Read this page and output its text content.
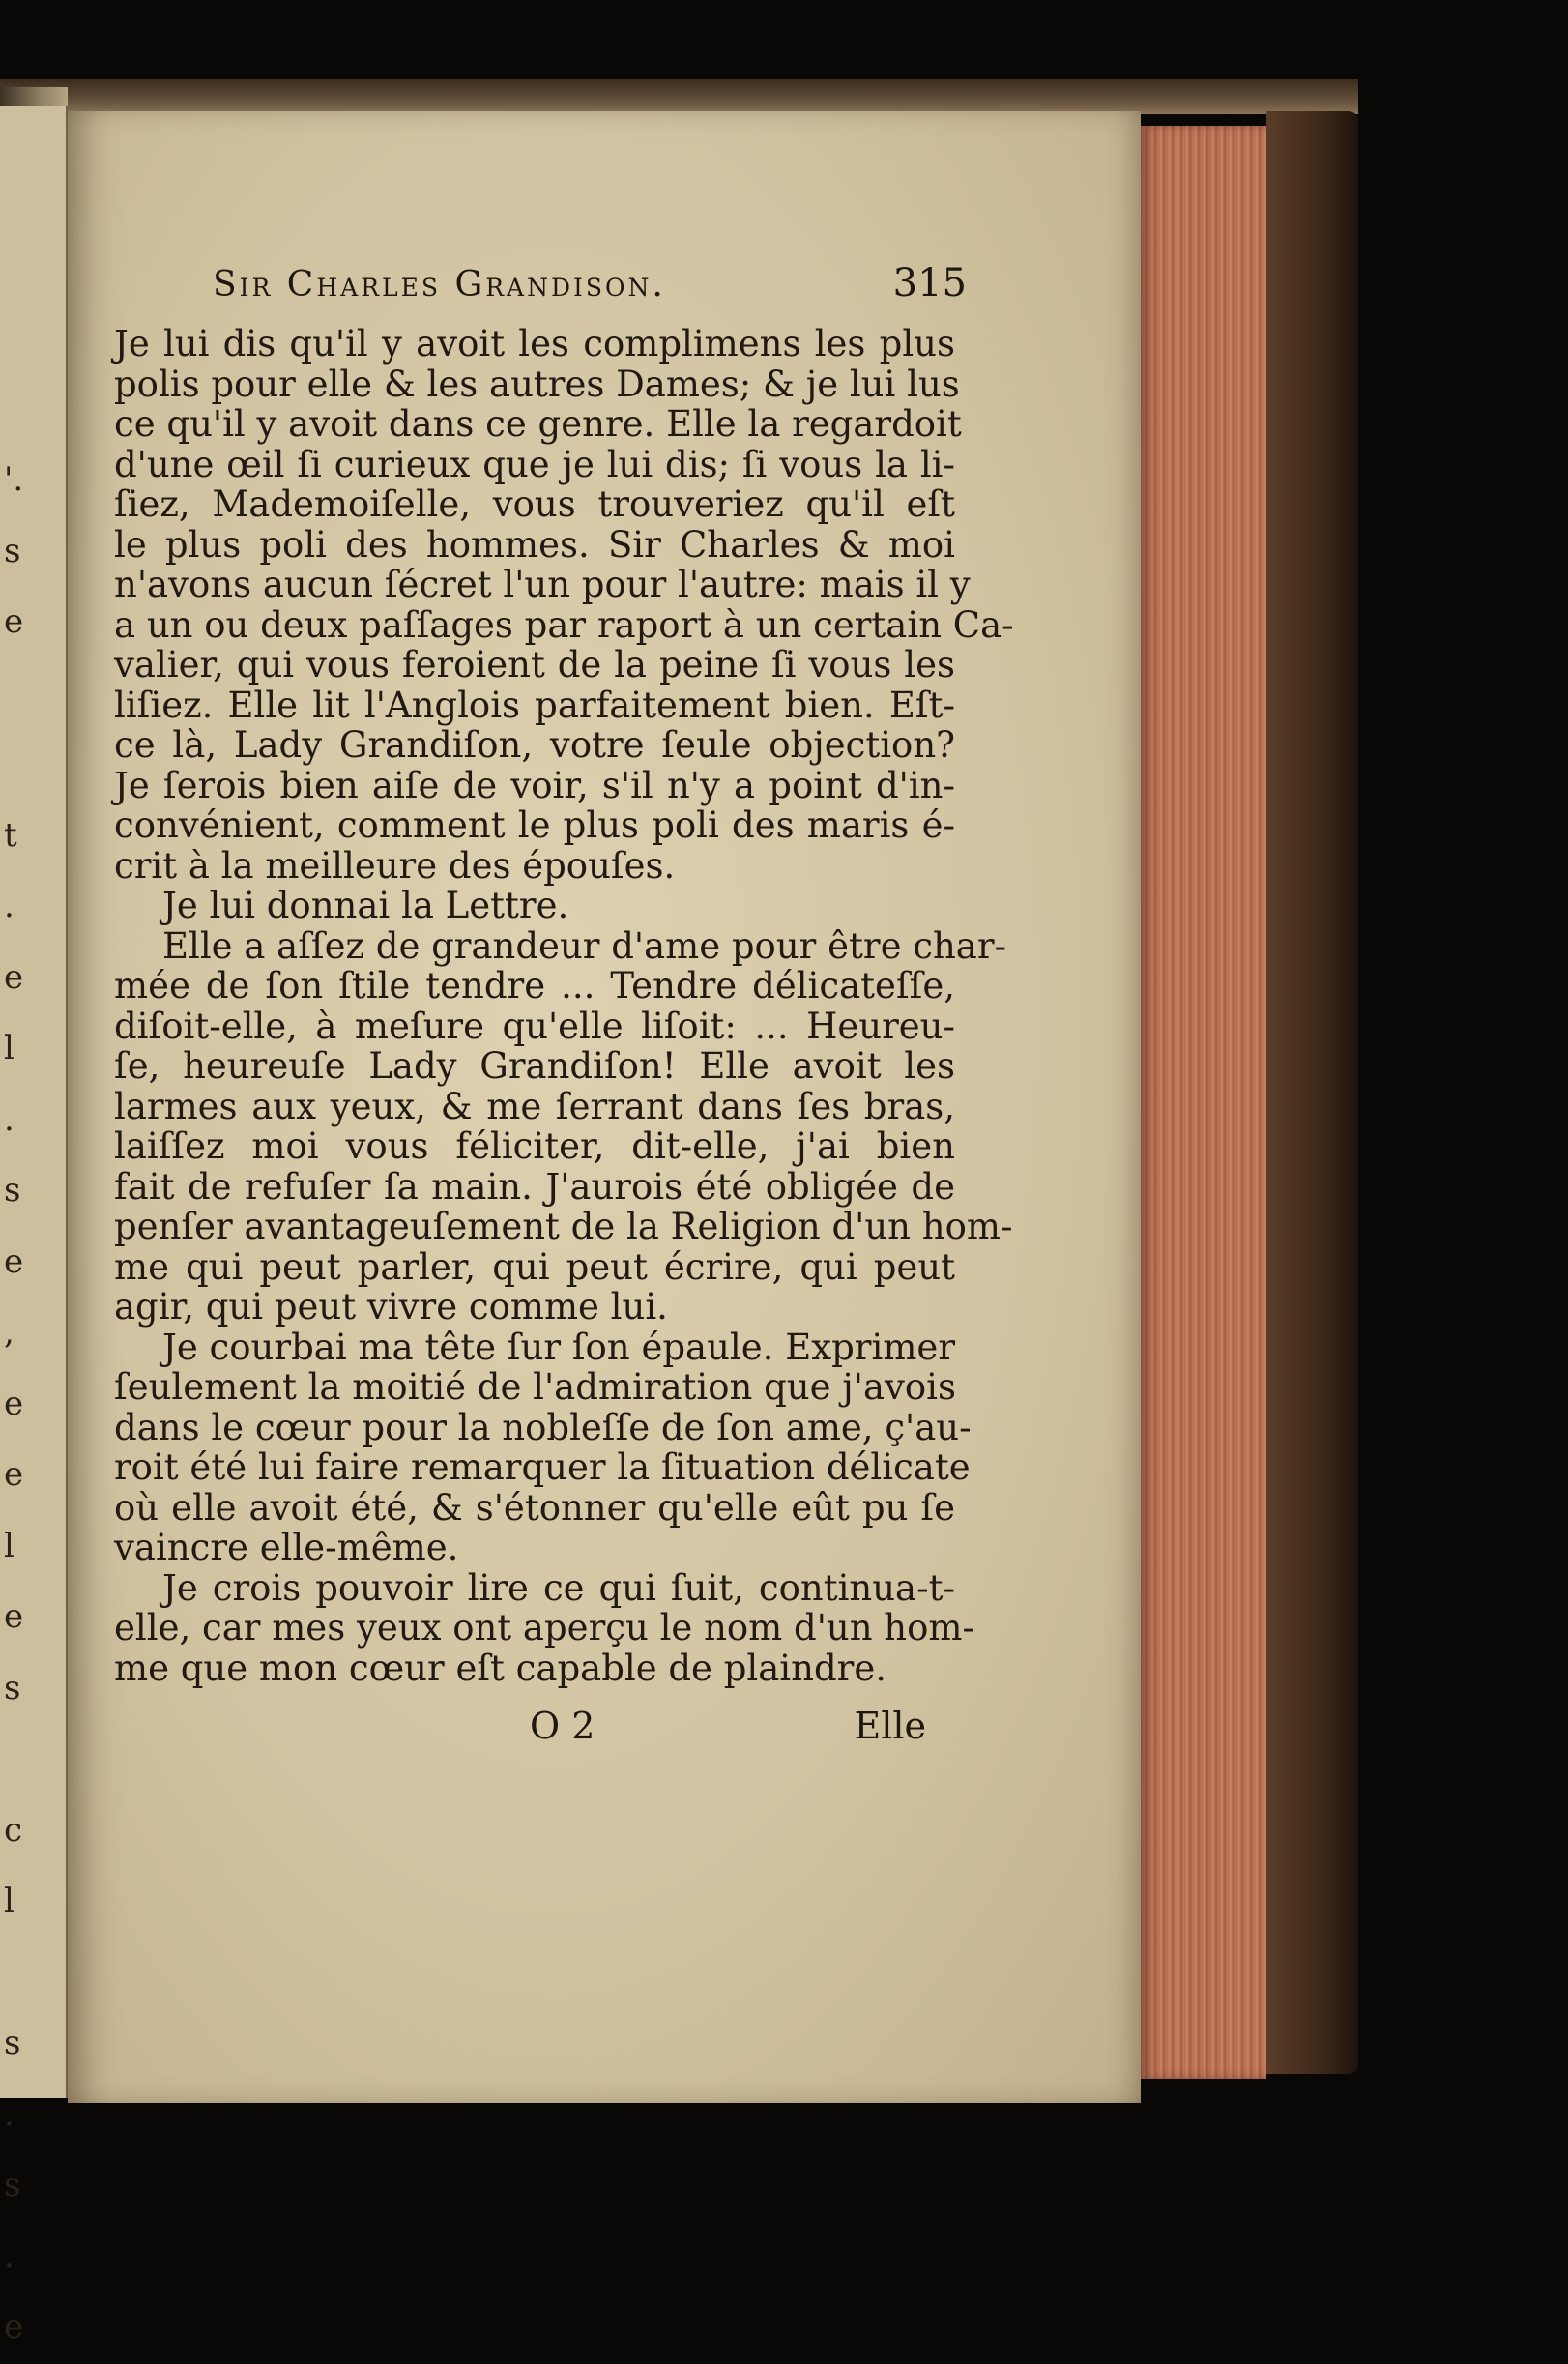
'.
s
e
t
.
e
l
.
s
e
,
e
e
l
e
s
c
l
s
.
s
.
e
Sir Charles Grandison.	315
Je lui dis qu'il y avoit les complimens les plus
polis pour elle & les autres Dames; & je lui lus
ce qu'il y avoit dans ce genre. Elle la regardoit
d'une œil ſi curieux que je lui dis; ſi vous la li-
ſiez, Mademoiſelle, vous trouveriez qu'il eſt
le plus poli des hommes. Sir Charles & moi
n'avons aucun ſécret l'un pour l'autre: mais il y
a un ou deux paſſages par raport à un certain Ca-
valier, qui vous feroient de la peine ſi vous les
liſiez. Elle lit l'Anglois parfaitement bien. Eſt-
ce là, Lady Grandiſon, votre ſeule objection?
Je ſerois bien aiſe de voir, s'il n'y a point d'in-
convénient, comment le plus poli des maris é-
crit à la meilleure des épouſes.
Je lui donnai la Lettre.
Elle a aſſez de grandeur d'ame pour être char-
mée de ſon ſtile tendre ... Tendre délicateſſe,
diſoit-elle, à meſure qu'elle liſoit: ... Heureu-
ſe, heureuſe Lady Grandiſon! Elle avoit les
larmes aux yeux, & me ſerrant dans ſes bras,
laiſſez moi vous féliciter, dit-elle, j'ai bien
fait de refuſer ſa main. J'aurois été obligée de
penſer avantageuſement de la Religion d'un hom-
me qui peut parler, qui peut écrire, qui peut
agir, qui peut vivre comme lui.
Je courbai ma tête ſur ſon épaule. Exprimer
ſeulement la moitié de l'admiration que j'avois
dans le cœur pour la nobleſſe de ſon ame, ç'au-
roit été lui faire remarquer la ſituation délicate
où elle avoit été, & s'étonner qu'elle eût pu ſe
vaincre elle-même.
Je crois pouvoir lire ce qui ſuit, continua-t-
elle, car mes yeux ont aperçu le nom d'un hom-
me que mon cœur eſt capable de plaindre.
O 2	Elle
